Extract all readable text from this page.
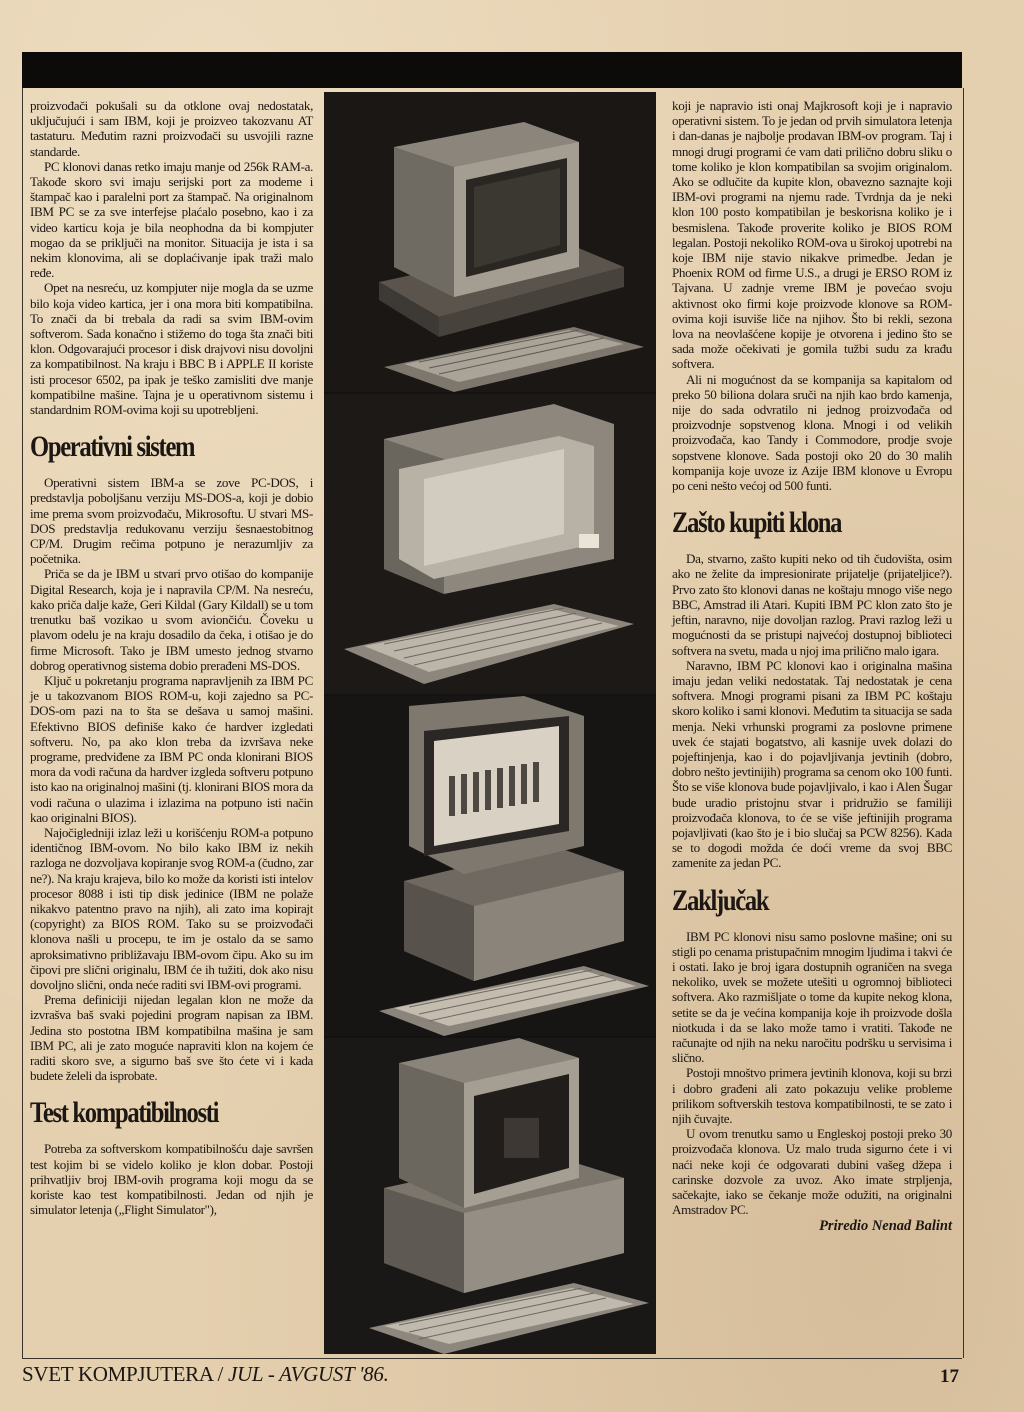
proizvođači pokušali su da otklone ovaj nedostatak, uključujući i sam IBM, koji je proizveo takozvanu AT tastaturu. Međutim razni proizvođači su usvojili razne standarde.

PC klonovi danas retko imaju manje od 256k RAM-a. Takođe skoro svi imaju serijski port za modeme i štampač kao i paralelni port za štampač. Na originalnom IBM PC se za sve interfejse plaćalo posebno, kao i za video karticu koja je bila neophodna da bi kompjuter mogao da se priključi na monitor. Situacija je ista i sa nekim klonovima, ali se doplaćivanje ipak traži malo ređe.

Opet na nesreću, uz kompjuter nije mogla da se uzme bilo koja video kartica, jer i ona mora biti kompatibilna. To znači da bi trebala da radi sa svim IBM-ovim softverom. Sada konačno i stižemo do toga šta znači biti klon. Odgovarajući procesor i disk drajvovi nisu dovoljni za kompatibilnost. Na kraju i BBC B i APPLE II koriste isti procesor 6502, pa ipak je teško zamisliti dve manje kompatibilne mašine. Tajna je u operativnom sistemu i standardnim ROM-ovima koji su upotrebljeni.

Operativni sistem

Operativni sistem IBM-a se zove PC-DOS, i predstavlja poboljšanu verziju MS-DOS-a, koji je dobio ime prema svom proizvođaču, Mikrosoftu. U stvari MS-DOS predstavlja redukovanu verziju šesnaestobitnog CP/M. Drugim rečima potpuno je nerazumljiv za početnika.

Priča se da je IBM u stvari prvo otišao do kompanije Digital Research, koja je i napravila CP/M. Na nesreću, kako priča dalje kaže, Geri Kildal (Gary Kildall) se u tom trenutku baš vozikao u svom avіončіću. Čoveku u plavom odelu je na kraju dosadilo da čeka, i otišao je do firme Microsoft. Tako je IBM umesto jednog stvarno dobrog operativnog sistema dobio prerađeni MS-DOS.

Ključ u pokretanju programa napravljenih za IBM PC je u takozvanom BIOS ROM-u, koji zajedno sa PC-DOS-om pazi na to šta se dešava u samoj mašini. Efektivno BIOS definiše kako će hardver izgledati softveru. No, pa ako klon treba da izvršava neke programe, predviđene za IBM PC onda klonirani BIOS mora da vodi računa da hardver izgleda softveru potpuno isto kao na originalnoj mašini (tj. klonirani BIOS mora da vodi računa o ulazima i izlazima na potpuno isti način kao originalni BIOS).

Najočigledniji izlaz leži u korišćenju ROM-a potpuno identičnog IBM-ovom. No bilo kako IBM iz nekih razloga ne dozvoljava kopiranje svog ROM-a (čudno, zar ne?). Na kraju krajeva, bilo ko može da koristi isti intelov procesor 8088 i isti tip disk jedinice (IBM ne polaže nikakvo patentno pravo na njih), ali zato ima kopirajt (copyright) za BIOS ROM. Tako su se proizvođači klonova našli u procepu, te im je ostalo da se samo aproksimativno približavaju IBM-ovom čipu. Ako su im čipovi pre slični originalu, IBM će ih tužiti, dok ako nisu dovoljno slični, onda neće raditi svi IBM-ovi programi.

Prema definiciji nijedan legalan klon ne može da izvrašva baš svaki pojedini program napisan za IBM. Jedina sto postotna IBM kompatibilna mašina je sam IBM PC, ali je zato moguće napraviti klon na kojem će raditi skoro sve, a sigurno baš sve što ćete vi i kada budete želeli da isprobate.

Test kompatibilnosti

Potreba za softverskom kompatibilnošću daje savršen test kojim bi se videlo koliko je klon dobar. Postoji prihvatljiv broj IBM-ovih programa koji mogu da se koriste kao test kompatibilnosti. Jedan od njih je simulator letenja („Flight Simulator"),

koji je napravio isti onaj Majkrosoft koji je i napravio operativni sistem. To je jedan od prvih simulatora letenja i dan-danas je najbolje prodavan IBM-ov program. Taj i mnogi drugi programi će vam dati prilično dobru sliku o tome koliko je klon kompatibilan sa svojim originalom. Ako se odlučite da kupite klon, obavezno saznajte koji IBM-ovi programi na njemu rade. Tvrdnja da je neki klon 100 posto kompatibilan je beskorisna koliko je i besmislena. Takođe proverite koliko je BIOS ROM legalan. Postoji nekoliko ROM-ova u širokoj upotrebi na koje IBM nije stavio nikakve primedbe. Jedan je Phoenix ROM od firme U.S., a drugi je ERSO ROM iz Tajvana. U zadnje vreme IBM je povećao svoju aktivnost oko firmi koje proizvode klonove sa ROM-ovima koji isuviše liče na njihov. Što bi rekli, sezona lova na neovlašćene kopije je otvorena i jedino što se sada može očekivati je gomila tužbi sudu za krađu softvera.

Ali ni mogućnost da se kompanija sa kapitalom od preko 50 biliona dolara sruči na njih kao brdo kamenja, nije do sada odvratilo ni jednog proizvođača od proizvodnje sopstvenog klona. Mnogi i od velikih proizvođača, kao Tandy i Commodore, prodje svoje sopstvene klonove. Sada postoji oko 20 do 30 malih kompanija koje uvoze iz Azije IBM klonove u Evropu po ceni nešto većoj od 500 funti.

Zašto kupiti klona

Da, stvarno, zašto kupiti neko od tih čudovišta, osim ako ne želite da impresionirate prijatelje (prijateljice?). Prvo zato što klonovi danas ne koštaju mnogo više nego BBC, Amstrad ili Atari. Kupiti IBM PC klon zato što je jeftin, naravno, nije dovoljan razlog. Pravi razlog leži u mogućnosti da se pristupi najvećoj dostupnoj biblioteci softvera na svetu, mada u njoj ima prilično malo igara.

Naravno, IBM PC klonovi kao i originalna mašina imaju jedan veliki nedostatak. Taj nedostatak je cena softvera. Mnogi programi pisani za IBM PC koštaju skoro koliko i sami klonovi. Međutim ta situacija se sada menja. Neki vrhunski programi za poslovne primene uvek će stajati bogatstvo, ali kasnije uvek dolazi do pojeftinjenja, kao i do pojavljivanja jevtinih (dobro, dobro nešto jevtinijih) programa sa cenom oko 100 funti. Što se više klonova bude pojavljivalo, i kao i Alen Šugar bude uradio pristojnu stvar i pridružio se familiji proizvođača klonova, to će se više jeftinijih programa pojavljivati (kao što je i bio slučaj sa PCW 8256). Kada se to dogodi možda će doći vreme da svoj BBC zamenite za jedan PC.

Zaključak

IBM PC klonovi nisu samo poslovne mašine; oni su stigli po cenama pristupačnim mnogim ljudima i takvi će i ostati. Iako je broj igara dostupnih ograničen na svega nekoliko, uvek se možete utešiti u ogromnoj biblioteci softvera. Ako razmišljate o tome da kupite nekog klona, setite se da je većina kompanija koje ih proizvode došla niotkuda i da se lako može tamo i vratiti. Takođe ne računajte od njih na neku naročitu podršku u servisima i slično.

Postoji mnoštvo primera jevtinih klonova, koji su brzi i dobro građeni ali zato pokazuju velike probleme prilikom softverskih testova kompatibilnosti, te se zato i njih čuvajte.

U ovom trenutku samo u Engleskoj postoji preko 30 proizvođača klonova. Uz malo truda sigurno ćete i vi naći neke koji će odgovarati dubini vašeg džepa i carinske dozvole za uvoz. Ako imate strpljenja, sačekajte, iako se čekanje može odužiti, na originalni Amstradov PC.

Priredio Nenad Balint
SVET KOMPJUTERA / JUL - AVGUST '86.	17
